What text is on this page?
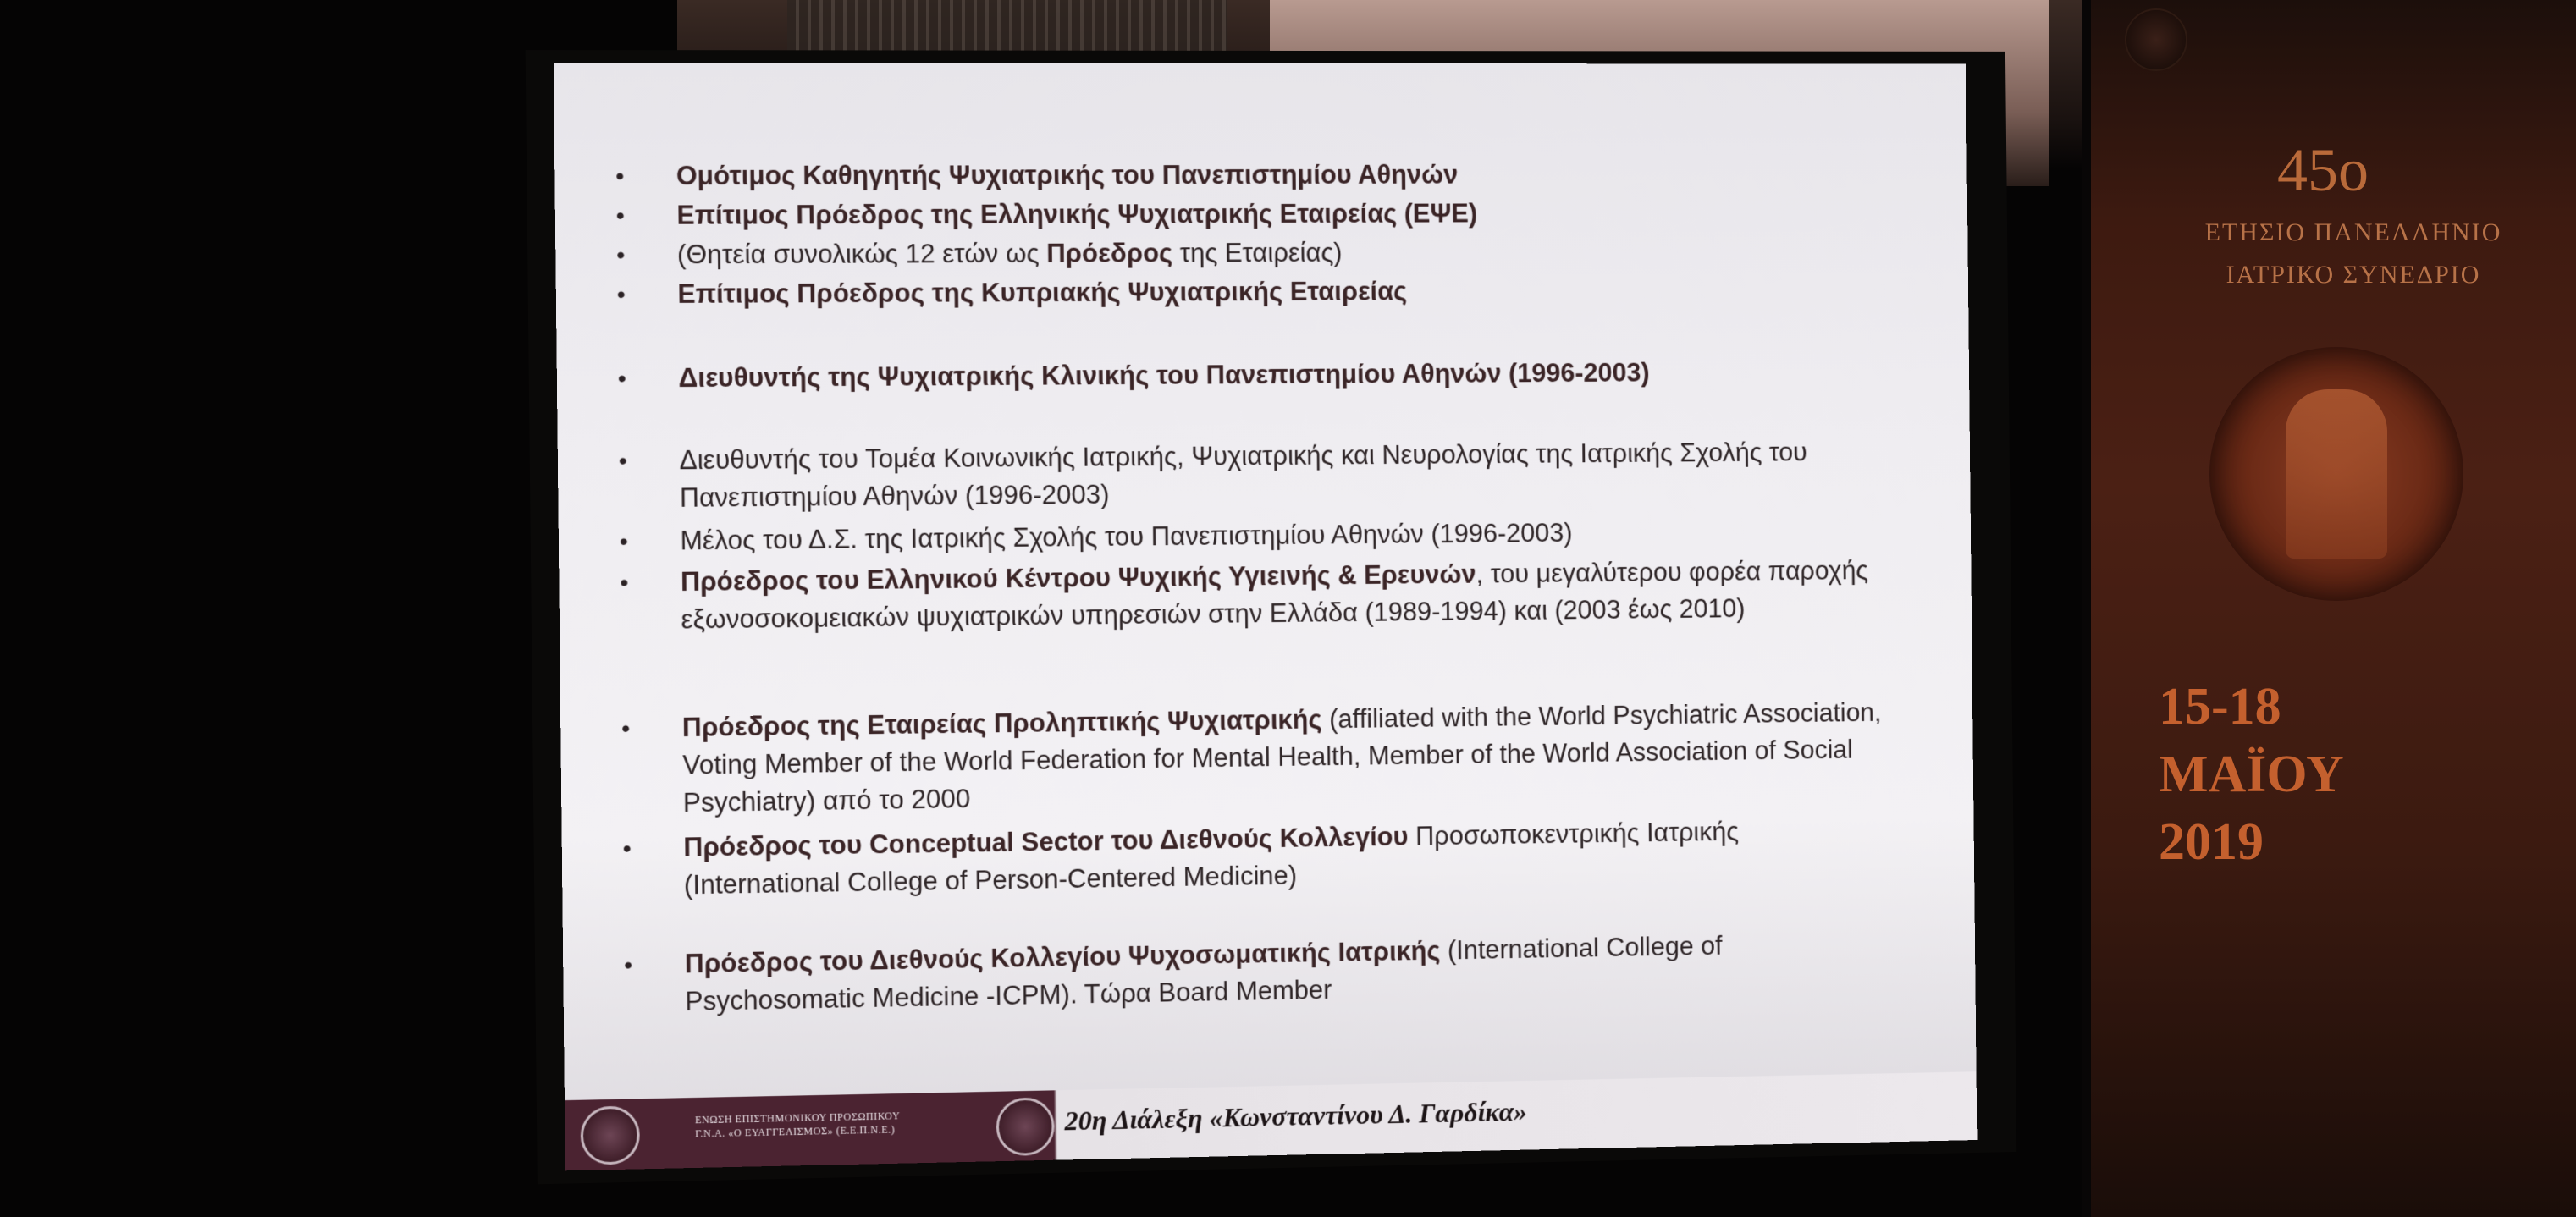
• Ομότιμος Καθηγητής Ψυχιατρικής του Πανεπιστημίου Αθηνών
• Επίτιμος Πρόεδρος της Ελληνικής Ψυχιατρικής Εταιρείας (ΕΨΕ)
• (Θητεία συνολικώς 12 ετών ως Πρόεδρος της Εταιρείας)
• Επίτιμος Πρόεδρος της Κυπριακής Ψυχιατρικής Εταιρείας
• Διευθυντής της Ψυχιατρικής Κλινικής του Πανεπιστημίου Αθηνών (1996-2003)
• Διευθυντής του Τομέα Κοινωνικής Ιατρικής, Ψυχιατρικής και Νευρολογίας της Ιατρικής Σχολής του Πανεπιστημίου Αθηνών (1996-2003)
• Μέλος του Δ.Σ. της Ιατρικής Σχολής του Πανεπιστημίου Αθηνών (1996-2003)
• Πρόεδρος του Ελληνικού Κέντρου Ψυχικής Υγιεινής & Ερευνών, του μεγαλύτερου φορέα παροχής εξωνοσοκομειακών ψυχιατρικών υπηρεσιών στην Ελλάδα (1989-1994) και (2003 έως 2010)
• Πρόεδρος της Εταιρείας Προληπτικής Ψυχιατρικής (affiliated with the World Psychiatric Association, Voting Member of the World Federation for Mental Health, Member of the World Association of Social Psychiatry) από το 2000
• Πρόεδρος του Conceptual Sector του Διεθνούς Κολλεγίου Προσωποκεντρικής Ιατρικής (International College of Person-Centered Medicine)
• Πρόεδρος του Διεθνούς Κολλεγίου Ψυχοσωματικής Ιατρικής (International College of Psychosomatic Medicine -ICPM). Τώρα Board Member
ΕΝΩΣΗ ΕΠΙΣΤΗΜΟΝΙΚΟΥ ΠΡΟΣΩΠΙΚΟΥ
Γ.Ν.Α. «Ο ΕΥΑΓΓΕΛΙΣΜΟΣ» (Ε.Ε.Π.Ν.Ε.)	20η Διάλεξη «Κωνσταντίνου Δ. Γαρδίκα»
45ο
ΕΤΗΣΙΟ ΠΑΝΕΛΛΗΝΙΟ
ΙΑΤΡΙΚΟ ΣΥΝΕΔΡΙΟ
15-18
ΜΑΪΟΥ
2019
